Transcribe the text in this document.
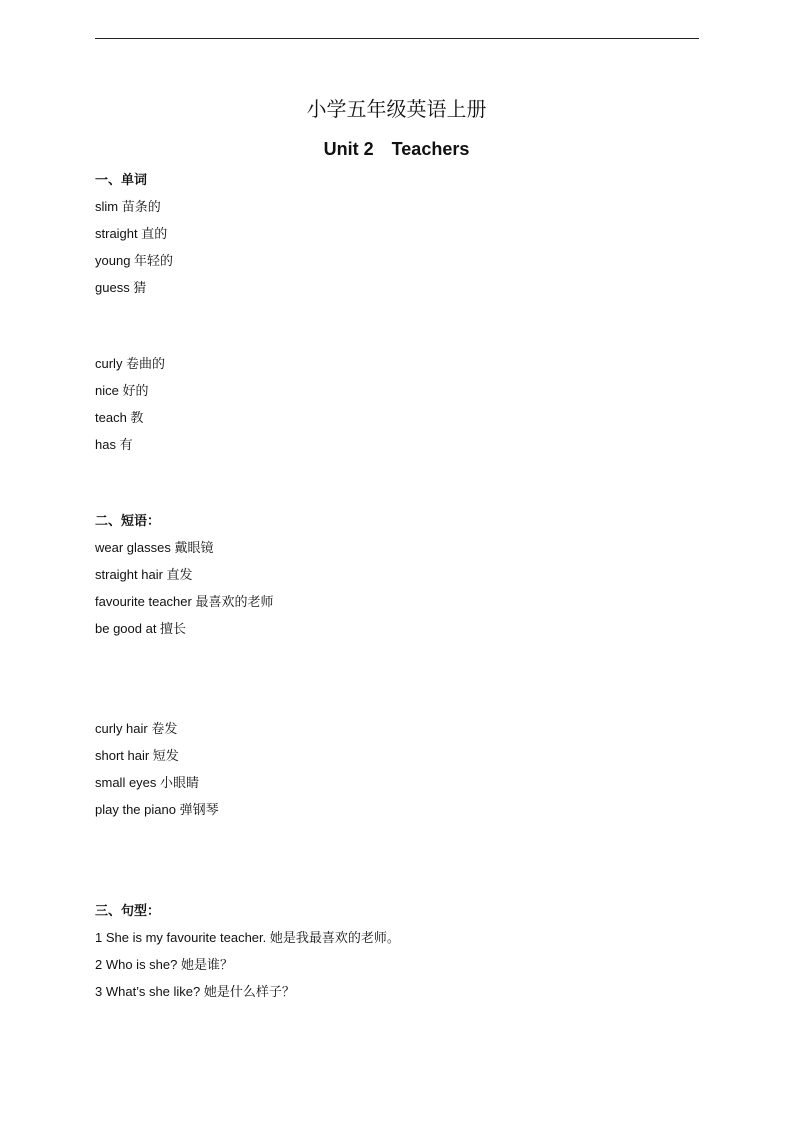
小学五年级英语上册
Unit 2　Teachers
一、单词
slim 苗条的
straight 直的
young 年轻的
guess 猜
curly 卷曲的
nice 好的
teach 教
has 有
二、短语：
wear glasses 戴眼镜
straight hair 直发
favourite teacher 最喜欢的老师
be good at 擅长
curly hair 卷发
short hair 短发
small eyes 小眼睛
play the piano 弹钢琴
三、句型：
1 She is my favourite teacher. 她是我最喜欢的老师。
2 Who is she? 她是谁？
3 What’s she like? 她是什么样子？
